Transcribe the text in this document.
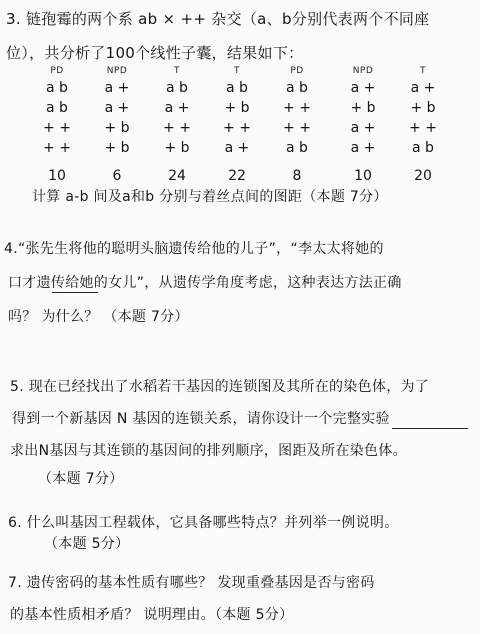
3. 链孢霉的两个系 ab × ++ 杂交（a、b分别代表两个不同座
位），共分析了100个线性子囊，结果如下：
PD	NPD	T	T	PD	NPD	T
a b	a +	a b	a b	a b	a +	a +
a b	a +	a +	+ b	+ +	+ b	+ b
+ +	+ b	+ +	+ +	+ +	a +	+ +
+ +	+ b	+ b	a +	a b	a +	a b
10	6	24	22	8	10	20
计算 a-b 间及a和b 分别与着丝点间的图距（本题 7分）
4.“张先生将他的聪明头脑遗传给他的儿子”，“李太太将她的
口才遗传给她的女儿”，从遗传学角度考虑，这种表达方法正确
吗？ 为什么？ （本题 7分）
5. 现在已经找出了水稻若干基因的连锁图及其所在的染色体，为了
得到一个新基因 N 基因的连锁关系，请你设计一个完整实验
求出N基因与其连锁的基因间的排列顺序，图距及所在染色体。
（本题 7分）
6. 什么叫基因工程载体，它具备哪些特点？并列举一例说明。
（本题 5分）
7. 遗传密码的基本性质有哪些？ 发现重叠基因是否与密码
的基本性质相矛盾？ 说明理由。（本题 5分）
